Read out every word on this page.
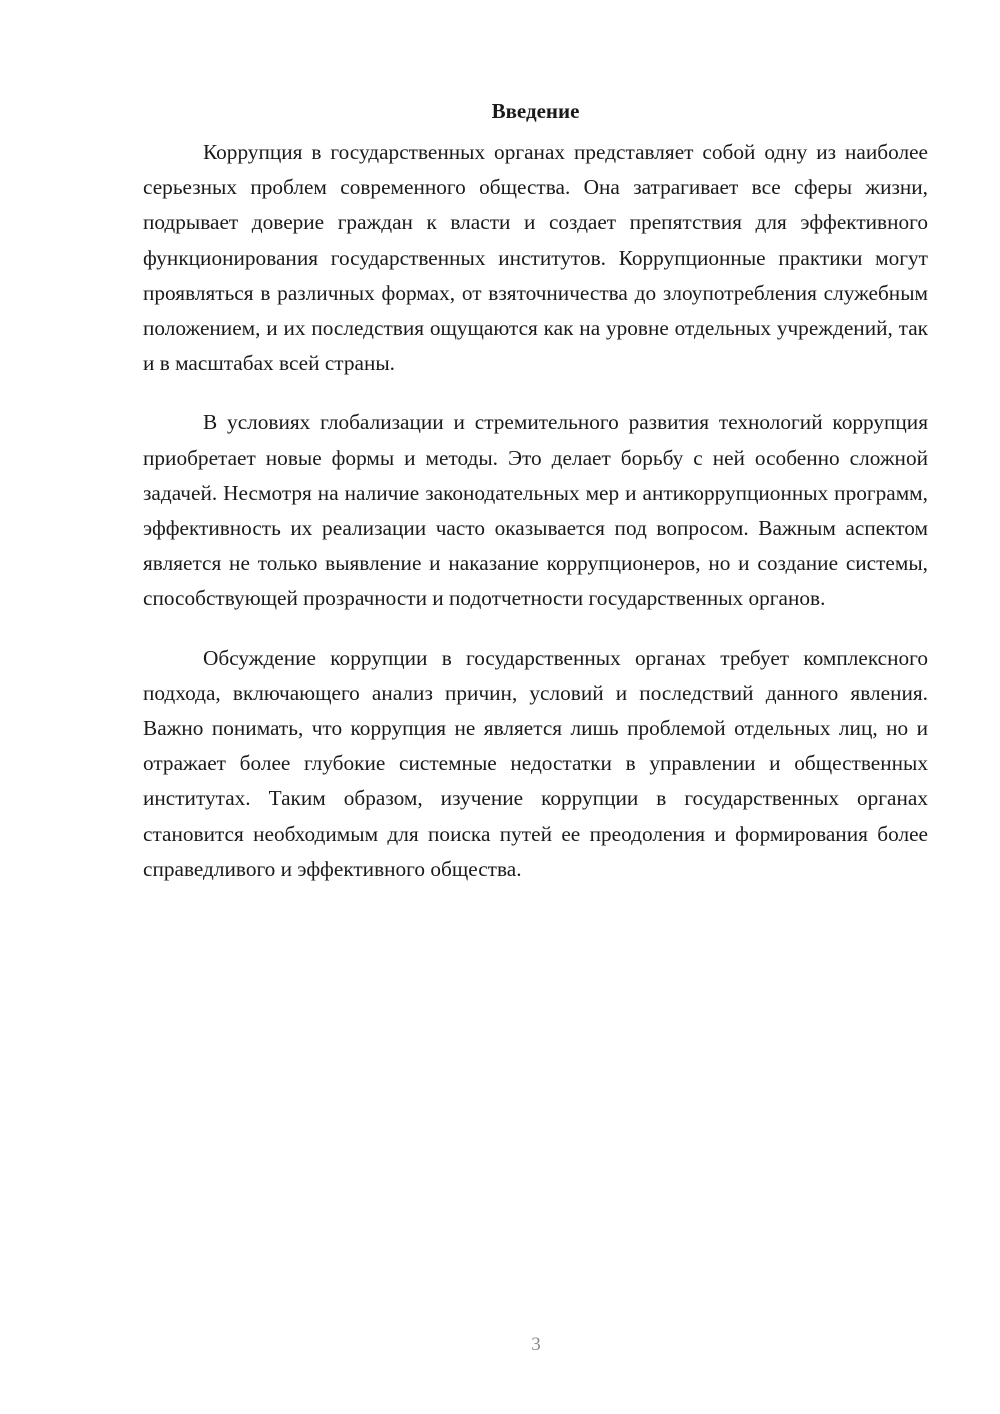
Введение

Коррупция в государственных органах представляет собой одну из наиболее серьезных проблем современного общества. Она затрагивает все сферы жизни, подрывает доверие граждан к власти и создает препятствия для эффективного функционирования государственных институтов. Коррупционные практики могут проявляться в различных формах, от взяточничества до злоупотребления служебным положением, и их последствия ощущаются как на уровне отдельных учреждений, так и в масштабах всей страны.

В условиях глобализации и стремительного развития технологий коррупция приобретает новые формы и методы. Это делает борьбу с ней особенно сложной задачей. Несмотря на наличие законодательных мер и антикоррупционных программ, эффективность их реализации часто оказывается под вопросом. Важным аспектом является не только выявление и наказание коррупционеров, но и создание системы, способствующей прозрачности и подотчетности государственных органов.

Обсуждение коррупции в государственных органах требует комплексного подхода, включающего анализ причин, условий и последствий данного явления. Важно понимать, что коррупция не является лишь проблемой отдельных лиц, но и отражает более глубокие системные недостатки в управлении и общественных институтах. Таким образом, изучение коррупции в государственных органах становится необходимым для поиска путей ее преодоления и формирования более справедливого и эффективного общества.

3
